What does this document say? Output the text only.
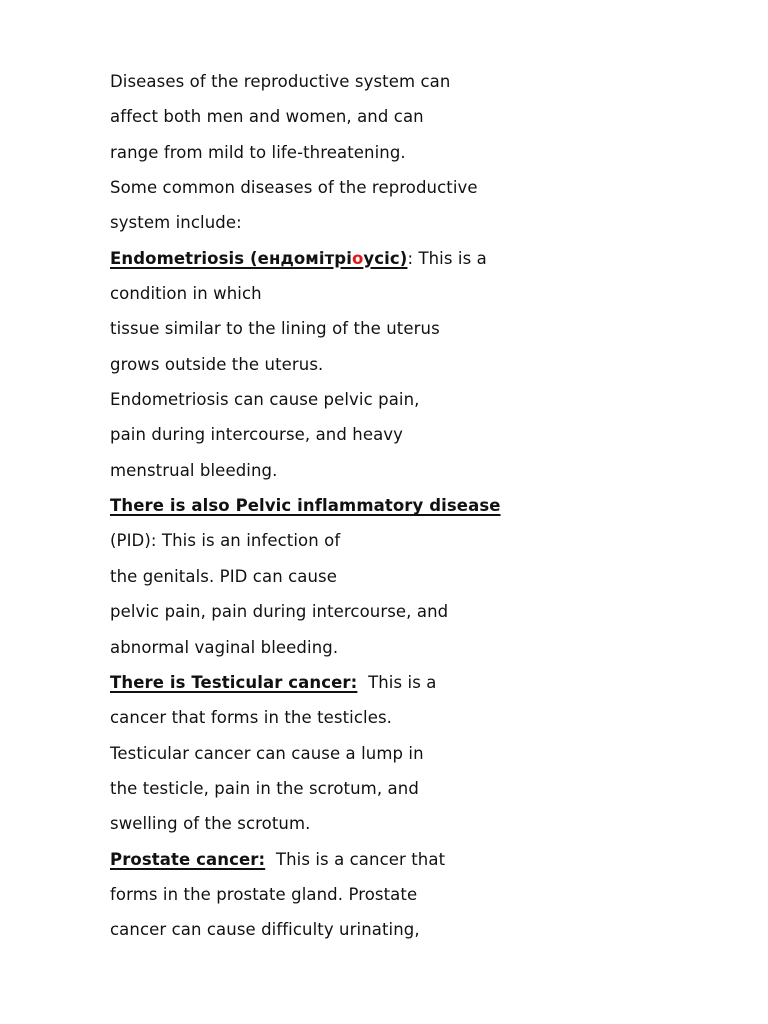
Diseases of the reproductive system can
affect both men and women, and can
range from mild to life-threatening.
Some common diseases of the reproductive
system include:
Endometriosis (ендомітріоусіс): This is a
condition in which
tissue similar to the lining of the uterus
grows outside the uterus.
Endometriosis can cause pelvic pain,
pain during intercourse, and heavy
menstrual bleeding.
There is also Pelvic inflammatory disease
(PID): This is an infection of
the genitals. PID can cause
pelvic pain, pain during intercourse, and
abnormal vaginal bleeding.
There is Testicular cancer:  This is a
cancer that forms in the testicles.
Testicular cancer can cause a lump in
the testicle, pain in the scrotum, and
swelling of the scrotum.
Prostate cancer:  This is a cancer that
forms in the prostate gland. Prostate
cancer can cause difficulty urinating,
